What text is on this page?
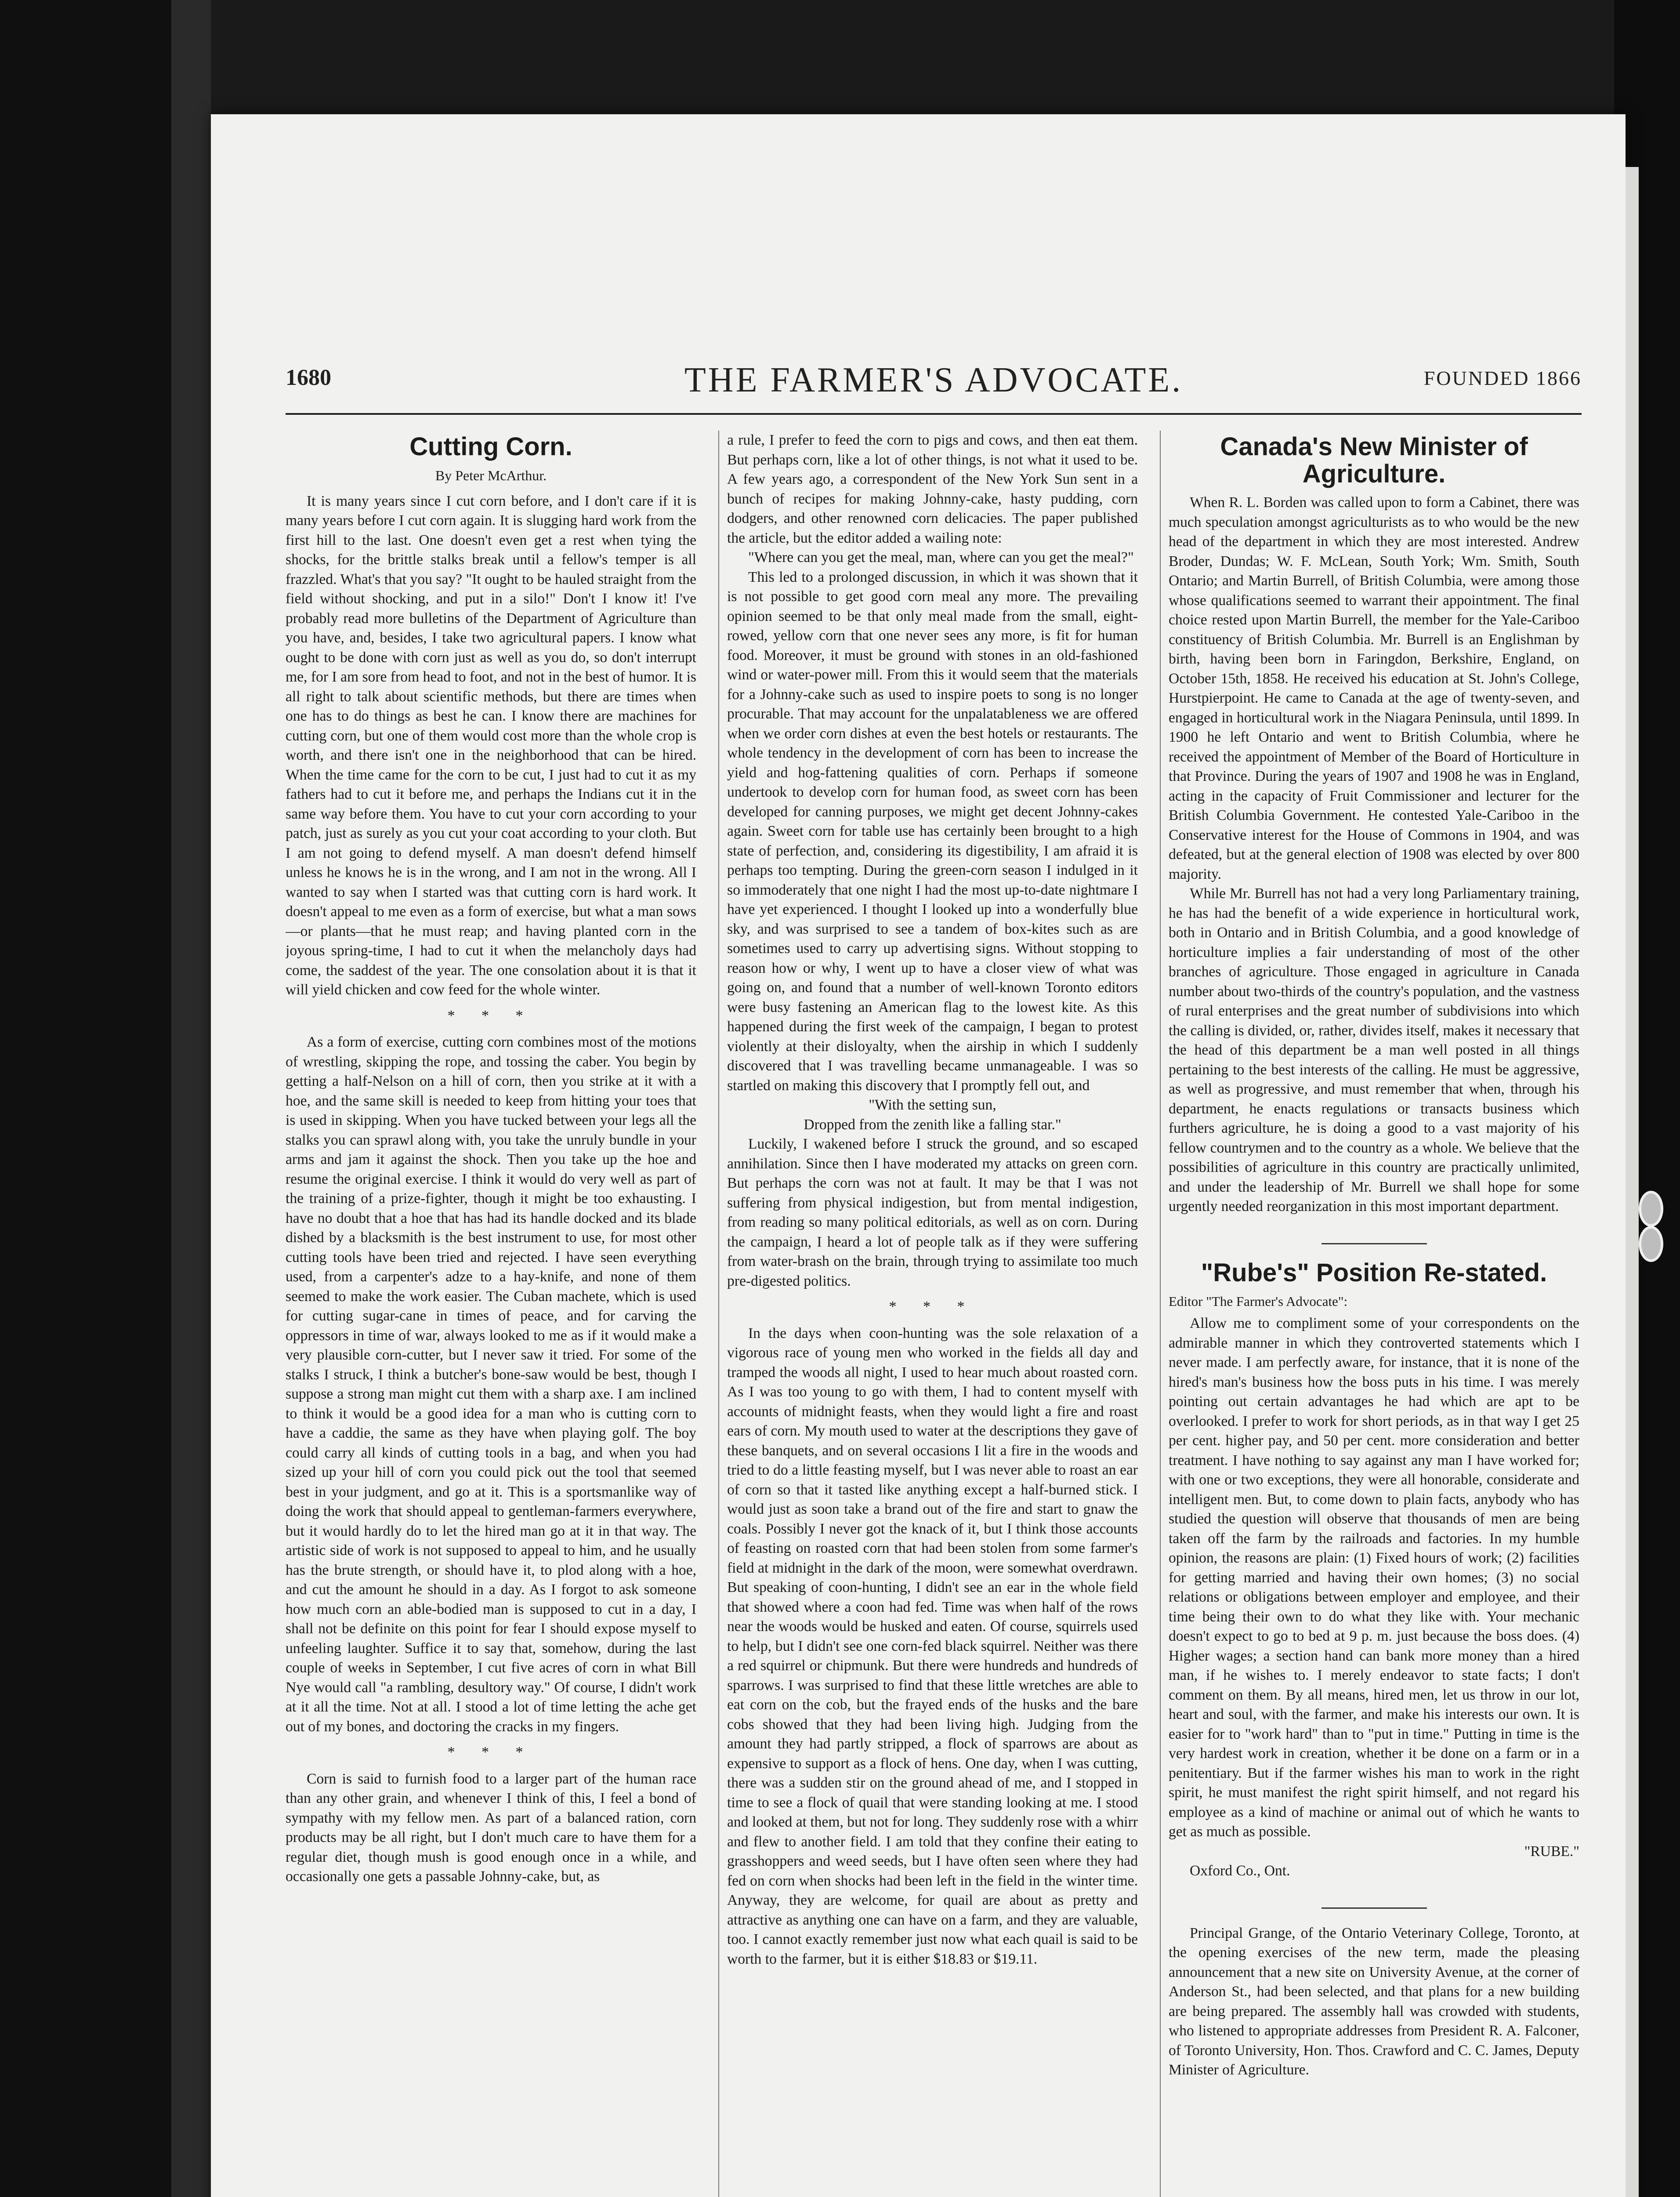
1680	THE FARMER'S ADVOCATE.	FOUNDED 1866
Cutting Corn.
By Peter McArthur.

It is many years since I cut corn before, and I don't care if it is many years before I cut corn again. It is slugging hard work from the first hill to the last. One doesn't even get a rest when tying the shocks, for the brittle stalks break until a fellow's temper is all frazzled. What's that you say? "It ought to be hauled straight from the field without shocking, and put in a silo!" Don't I know it! I've probably read more bulletins of the Department of Agriculture than you have, and, besides, I take two agricultural papers. I know what ought to be done with corn just as well as you do, so don't interrupt me, for I am sore from head to foot, and not in the best of humor. It is all right to talk about scientific methods, but there are times when one has to do things as best he can. I know there are machines for cutting corn, but one of them would cost more than the whole crop is worth, and there isn't one in the neighborhood that can be hired. When the time came for the corn to be cut, I just had to cut it as my fathers had to cut it before me, and perhaps the Indians cut it in the same way before them. You have to cut your corn according to your patch, just as surely as you cut your coat according to your cloth. But I am not going to defend myself. A man doesn't defend himself unless he knows he is in the wrong, and I am not in the wrong. All I wanted to say when I started was that cutting corn is hard work. It doesn't appeal to me even as a form of exercise, but what a man sows—or plants—that he must reap; and having planted corn in the joyous spring-time, I had to cut it when the melancholy days had come, the saddest of the year. The one consolation about it is that it will yield chicken and cow feed for the whole winter.

* * *

As a form of exercise, cutting corn combines most of the motions of wrestling, skipping the rope, and tossing the caber. You begin by getting a half-Nelson on a hill of corn, then you strike at it with a hoe, and the same skill is needed to keep from hitting your toes that is used in skipping. When you have tucked between your legs all the stalks you can sprawl along with, you take the unruly bundle in your arms and jam it against the shock. Then you take up the hoe and resume the original exercise. I think it would do very well as part of the training of a prize-fighter, though it might be too exhausting. I have no doubt that a hoe that has had its handle docked and its blade dished by a blacksmith is the best instrument to use, for most other cutting tools have been tried and rejected. I have seen everything used, from a carpenter's adze to a hay-knife, and none of them seemed to make the work easier. The Cuban machete, which is used for cutting sugar-cane in times of peace, and for carving the oppressors in time of war, always looked to me as if it would make a very plausible corn-cutter, but I never saw it tried. For some of the stalks I struck, I think a butcher's bone-saw would be best, though I suppose a strong man might cut them with a sharp axe. I am inclined to think it would be a good idea for a man who is cutting corn to have a caddie, the same as they have when playing golf. The boy could carry all kinds of cutting tools in a bag, and when you had sized up your hill of corn you could pick out the tool that seemed best in your judgment, and go at it. This is a sportsmanlike way of doing the work that should appeal to gentleman-farmers everywhere, but it would hardly do to let the hired man go at it in that way. The artistic side of work is not supposed to appeal to him, and he usually has the brute strength, or should have it, to plod along with a hoe, and cut the amount he should in a day. As I forgot to ask someone how much corn an able-bodied man is supposed to cut in a day, I shall not be definite on this point for fear I should expose myself to unfeeling laughter. Suffice it to say that, somehow, during the last couple of weeks in September, I cut five acres of corn in what Bill Nye would call "a rambling, desultory way." Of course, I didn't work at it all the time. Not at all. I stood a lot of time letting the ache get out of my bones, and doctoring the cracks in my fingers.

* * *

Corn is said to furnish food to a larger part of the human race than any other grain, and whenever I think of this, I feel a bond of sympathy with my fellow men. As part of a balanced ration, corn products may be all right, but I don't much care to have them for a regular diet, though mush is good enough once in a while, and occasionally one gets a passable Johnny-cake, but, as

a rule, I prefer to feed the corn to pigs and cows, and then eat them. But perhaps corn, like a lot of other things, is not what it used to be. A few years ago, a correspondent of the New York Sun sent in a bunch of recipes for making Johnny-cake, hasty pudding, corn dodgers, and other renowned corn delicacies. The paper published the article, but the editor added a wailing note:

"Where can you get the meal, man, where can you get the meal?"

This led to a prolonged discussion, in which it was shown that it is not possible to get good corn meal any more. The prevailing opinion seemed to be that only meal made from the small, eight-rowed, yellow corn that one never sees any more, is fit for human food. Moreover, it must be ground with stones in an old-fashioned wind or water-power mill. From this it would seem that the materials for a Johnny-cake such as used to inspire poets to song is no longer procurable. That may account for the unpalatableness we are offered when we order corn dishes at even the best hotels or restaurants. The whole tendency in the development of corn has been to increase the yield and hog-fattening qualities of corn. Perhaps if someone undertook to develop corn for human food, as sweet corn has been developed for canning purposes, we might get decent Johnny-cakes again. Sweet corn for table use has certainly been brought to a high state of perfection, and, considering its digestibility, I am afraid it is perhaps too tempting. During the green-corn season I indulged in it so immoderately that one night I had the most up-to-date nightmare I have yet experienced. I thought I looked up into a wonderfully blue sky, and was surprised to see a tandem of box-kites such as are sometimes used to carry up advertising signs. Without stopping to reason how or why, I went up to have a closer view of what was going on, and found that a number of well-known Toronto editors were busy fastening an American flag to the lowest kite. As this happened during the first week of the campaign, I began to protest violently at their disloyalty, when the airship in which I suddenly discovered that I was travelling became unmanageable. I was so startled on making this discovery that I promptly fell out, and

"With the setting sun,

Dropped from the zenith like a falling star."

Luckily, I wakened before I struck the ground, and so escaped annihilation. Since then I have moderated my attacks on green corn. But perhaps the corn was not at fault. It may be that I was not suffering from physical indigestion, but from mental indigestion, from reading so many political editorials, as well as on corn. During the campaign, I heard a lot of people talk as if they were suffering from water-brash on the brain, through trying to assimilate too much pre-digested politics.

* * *

In the days when coon-hunting was the sole relaxation of a vigorous race of young men who worked in the fields all day and tramped the woods all night, I used to hear much about roasted corn. As I was too young to go with them, I had to content myself with accounts of midnight feasts, when they would light a fire and roast ears of corn. My mouth used to water at the descriptions they gave of these banquets, and on several occasions I lit a fire in the woods and tried to do a little feasting myself, but I was never able to roast an ear of corn so that it tasted like anything except a half-burned stick. I would just as soon take a brand out of the fire and start to gnaw the coals. Possibly I never got the knack of it, but I think those accounts of feasting on roasted corn that had been stolen from some farmer's field at midnight in the dark of the moon, were somewhat overdrawn. But speaking of coon-hunting, I didn't see an ear in the whole field that showed where a coon had fed. Time was when half of the rows near the woods would be husked and eaten. Of course, squirrels used to help, but I didn't see one corn-fed black squirrel. Neither was there a red squirrel or chipmunk. But there were hundreds and hundreds of sparrows. I was surprised to find that these little wretches are able to eat corn on the cob, but the frayed ends of the husks and the bare cobs showed that they had been living high. Judging from the amount they had partly stripped, a flock of sparrows are about as expensive to support as a flock of hens. One day, when I was cutting, there was a sudden stir on the ground ahead of me, and I stopped in time to see a flock of quail that were standing looking at me. I stood and looked at them, but not for long. They suddenly rose with a whirr and flew to another field. I am told that they confine their eating to grasshoppers and weed seeds, but I have often seen where they had fed on corn when shocks had been left in the field in the winter time. Anyway, they are welcome, for quail are about as pretty and attractive as anything one can have on a farm, and they are valuable, too. I cannot exactly remember just now what each quail is said to be worth to the farmer, but it is either $18.83 or $19.11.

Canada's New Minister of Agriculture.

When R. L. Borden was called upon to form a Cabinet, there was much speculation amongst agriculturists as to who would be the new head of the department in which they are most interested. Andrew Broder, Dundas; W. F. McLean, South York; Wm. Smith, South Ontario; and Martin Burrell, of British Columbia, were among those whose qualifications seemed to warrant their appointment. The final choice rested upon Martin Burrell, the member for the Yale-Cariboo constituency of British Columbia. Mr. Burrell is an Englishman by birth, having been born in Faringdon, Berkshire, England, on October 15th, 1858. He received his education at St. John's College, Hurstpierpoint. He came to Canada at the age of twenty-seven, and engaged in horticultural work in the Niagara Peninsula, until 1899. In 1900 he left Ontario and went to British Columbia, where he received the appointment of Member of the Board of Horticulture in that Province. During the years of 1907 and 1908 he was in England, acting in the capacity of Fruit Commissioner and lecturer for the British Columbia Government. He contested Yale-Cariboo in the Conservative interest for the House of Commons in 1904, and was defeated, but at the general election of 1908 was elected by over 800 majority.

While Mr. Burrell has not had a very long Parliamentary training, he has had the benefit of a wide experience in horticultural work, both in Ontario and in British Columbia, and a good knowledge of horticulture implies a fair understanding of most of the other branches of agriculture. Those engaged in agriculture in Canada number about two-thirds of the country's population, and the vastness of rural enterprises and the great number of subdivisions into which the calling is divided, or, rather, divides itself, makes it necessary that the head of this department be a man well posted in all things pertaining to the best interests of the calling. He must be aggressive, as well as progressive, and must remember that when, through his department, he enacts regulations or transacts business which furthers agriculture, he is doing a good to a vast majority of his fellow countrymen and to the country as a whole. We believe that the possibilities of agriculture in this country are practically unlimited, and under the leadership of Mr. Burrell we shall hope for some urgently needed reorganization in this most important department.

"Rube's" Position Re-stated.
Editor "The Farmer's Advocate":

Allow me to compliment some of your correspondents on the admirable manner in which they controverted statements which I never made. I am perfectly aware, for instance, that it is none of the hired's man's business how the boss puts in his time. I was merely pointing out certain advantages he had which are apt to be overlooked. I prefer to work for short periods, as in that way I get 25 per cent. higher pay, and 50 per cent. more consideration and better treatment. I have nothing to say against any man I have worked for; with one or two exceptions, they were all honorable, considerate and intelligent men. But, to come down to plain facts, anybody who has studied the question will observe that thousands of men are being taken off the farm by the railroads and factories. In my humble opinion, the reasons are plain: (1) Fixed hours of work; (2) facilities for getting married and having their own homes; (3) no social relations or obligations between employer and employee, and their time being their own to do what they like with. Your mechanic doesn't expect to go to bed at 9 p. m. just because the boss does. (4) Higher wages; a section hand can bank more money than a hired man, if he wishes to. I merely endeavor to state facts; I don't comment on them. By all means, hired men, let us throw in our lot, heart and soul, with the farmer, and make his interests our own. It is easier for to "work hard" than to "put in time." Putting in time is the very hardest work in creation, whether it be done on a farm or in a penitentiary. But if the farmer wishes his man to work in the right spirit, he must manifest the right spirit himself, and not regard his employee as a kind of machine or animal out of which he wants to get as much as possible.

"RUBE."

Oxford Co., Ont.

Principal Grange, of the Ontario Veterinary College, Toronto, at the opening exercises of the new term, made the pleasing announcement that a new site on University Avenue, at the corner of Anderson St., had been selected, and that plans for a new building are being prepared. The assembly hall was crowded with students, who listened to appropriate addresses from President R. A. Falconer, of Toronto University, Hon. Thos. Crawford and C. C. James, Deputy Minister of Agriculture.
